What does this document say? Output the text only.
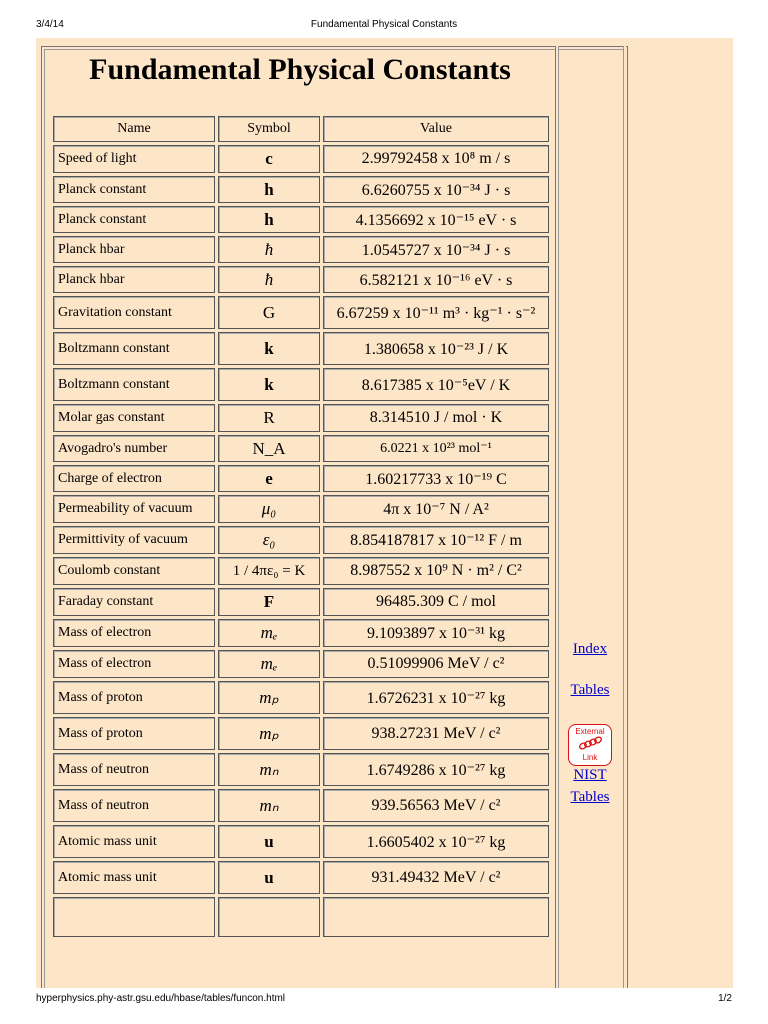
3/4/14	Fundamental Physical Constants
Fundamental Physical Constants
Name	Symbol	Value
Speed of light	c	2.99792458 x 10⁸ m / s
Planck constant	h	6.6260755 x 10⁻³⁴ J · s
Planck constant	h	4.1356692 x 10⁻¹⁵ eV · s
Planck hbar	ħ	1.0545727 x 10⁻³⁴ J · s
Planck hbar	ħ	6.582121 x 10⁻¹⁶ eV · s
Gravitation constant	G	6.67259 x 10⁻¹¹ m³ · kg⁻¹ · s⁻²
Boltzmann constant	k	1.380658 x 10⁻²³ J / K
Boltzmann constant	k	8.617385 x 10⁻⁵eV / K
Molar gas constant	R	8.314510 J / mol · K
Avogadro's number	N_A	6.0221 x 10²³ mol⁻¹
Charge of electron	e	1.60217733 x 10⁻¹⁹ C
Permeability of vacuum	μ₀	4π x 10⁻⁷ N / A²
Permittivity of vacuum	ε₀	8.854187817 x 10⁻¹² F / m
Coulomb constant	1 / 4πε₀ = K	8.987552 x 10⁹ N · m² / C²
Faraday constant	F	96485.309 C / mol
Mass of electron	mₑ	9.1093897 x 10⁻³¹ kg
Mass of electron	mₑ	0.51099906 MeV / c²
Mass of proton	mₚ	1.6726231 x 10⁻²⁷ kg
Mass of proton	mₚ	938.27231 MeV / c²
Mass of neutron	mₙ	1.6749286 x 10⁻²⁷ kg
Mass of neutron	mₙ	939.56563 MeV / c²
Atomic mass unit	u	1.6605402 x 10⁻²⁷ kg
Atomic mass unit	u	931.49432 MeV / c²

Index
Tables
NIST
Tables
External
Link
hyperphysics.phy-astr.gsu.edu/hbase/tables/funcon.html	1/2
